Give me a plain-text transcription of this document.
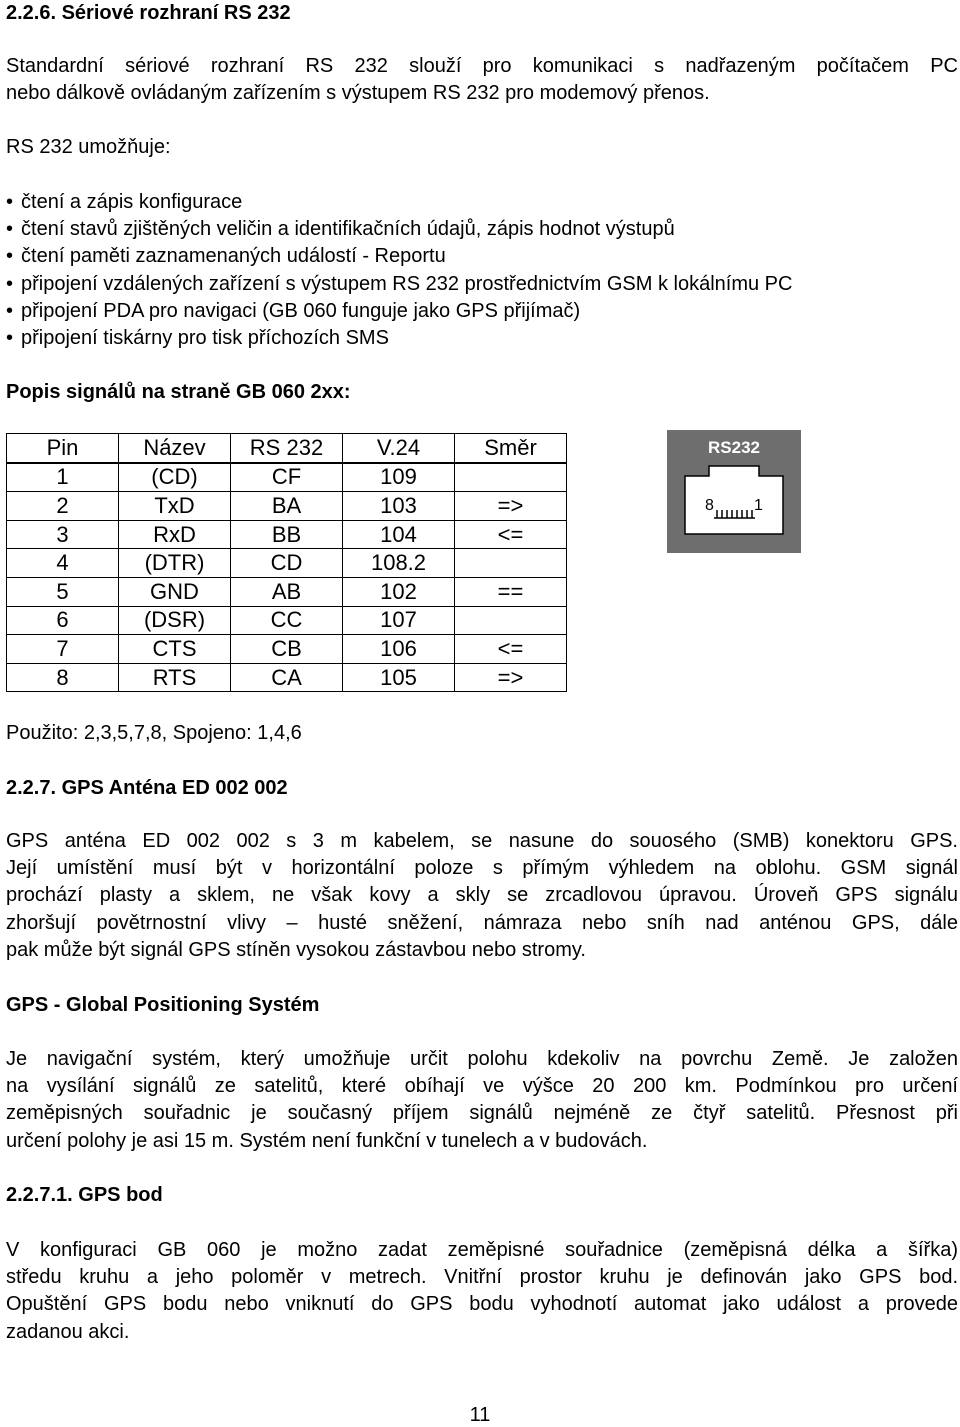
2.2.6. Sériové rozhraní RS 232
Standardní sériové rozhraní RS 232 slouží pro komunikaci s nadřazeným počítačem PC
nebo dálkově ovládaným zařízením s výstupem RS 232 pro modemový přenos.
RS 232 umožňuje:
• čtení a zápis konfigurace
• čtení stavů zjištěných veličin a identifikačních údajů, zápis hodnot výstupů
• čtení paměti zaznamenaných událostí - Reportu
• připojení vzdálených zařízení s výstupem RS 232 prostřednictvím GSM k lokálnímu PC
• připojení PDA pro navigaci (GB 060 funguje jako GPS přijímač)
• připojení tiskárny pro tisk příchozích SMS
Popis signálů na straně GB 060 2xx:
Pin	Název	RS 232	V.24	Směr
1	(CD)	CF	109	
2	TxD	BA	103	=>
3	RxD	BB	104	<=
4	(DTR)	CD	108.2	
5	GND	AB	102	==
6	(DSR)	CC	107	
7	CTS	CB	106	<=
8	RTS	CA	105	=>
RS232
8	1
Použito: 2,3,5,7,8, Spojeno: 1,4,6
2.2.7. GPS Anténa ED 002 002
GPS anténa ED 002 002 s 3 m kabelem, se nasune do souosého (SMB) konektoru GPS.
Její umístění musí být v horizontální poloze s přímým výhledem na oblohu. GSM signál
prochází plasty a sklem, ne však kovy a skly se zrcadlovou úpravou. Úroveň GPS signálu
zhoršují povětrnostní vlivy – husté sněžení, námraza nebo sníh nad anténou GPS, dále
pak může být signál GPS stíněn vysokou zástavbou nebo stromy.
GPS - Global Positioning Systém
Je navigační systém, který umožňuje určit polohu kdekoliv na povrchu Země. Je založen
na vysílání signálů ze satelitů, které obíhají ve výšce 20 200 km. Podmínkou pro určení
zeměpisných souřadnic je současný příjem signálů nejméně ze čtyř satelitů. Přesnost při
určení polohy je asi 15 m. Systém není funkční v tunelech a v budovách.
2.2.7.1. GPS bod
V konfiguraci GB 060 je možno zadat zeměpisné souřadnice (zeměpisná délka a šířka)
středu kruhu a jeho poloměr v metrech. Vnitřní prostor kruhu je definován jako GPS bod.
Opuštění GPS bodu nebo vniknutí do GPS bodu vyhodnotí automat jako událost a provede
zadanou akci.
11
